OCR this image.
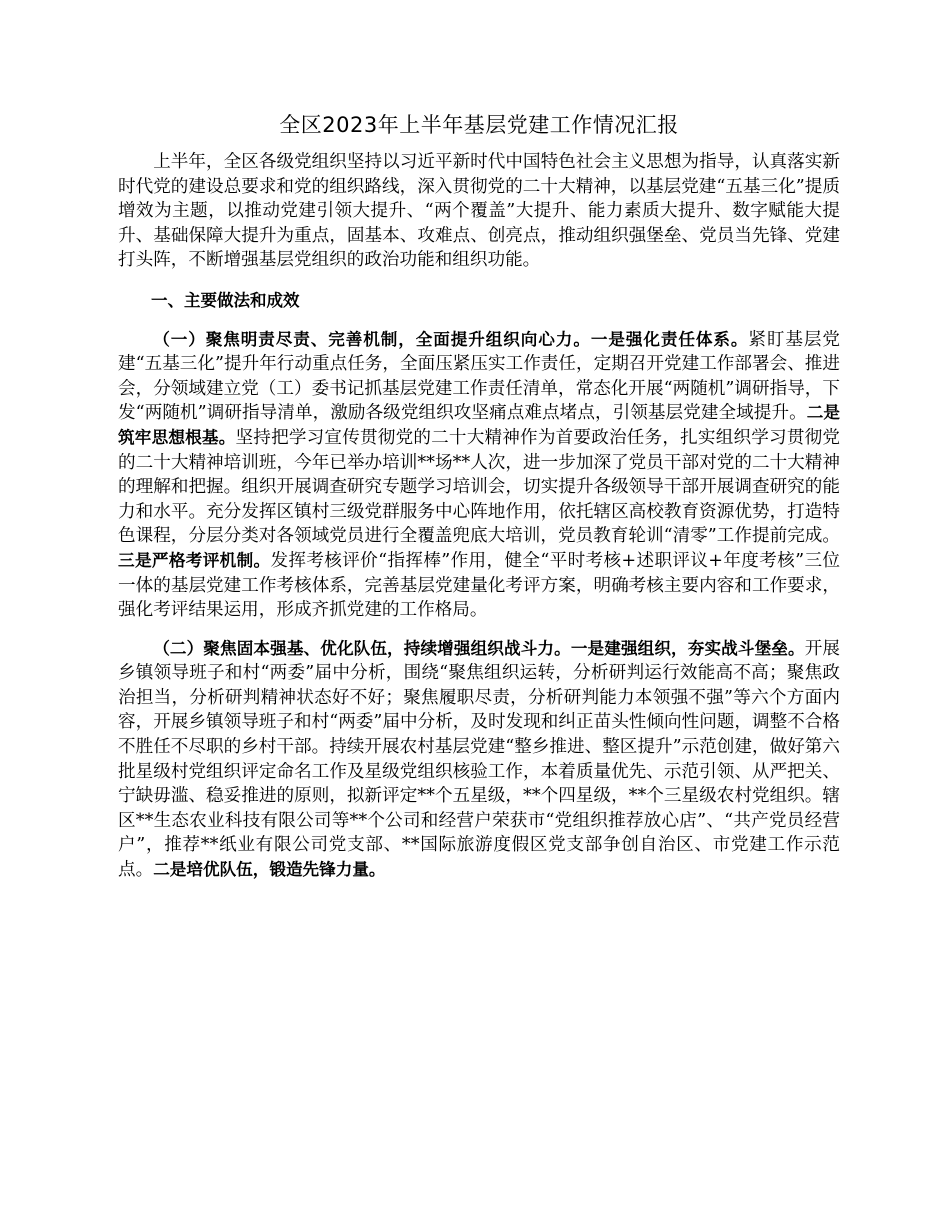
全区2023年上半年基层党建工作情况汇报

上半年，全区各级党组织坚持以习近平新时代中国特色社会主义思想为指导，认真落实新时代党的建设总要求和党的组织路线，深入贯彻党的二十大精神，以基层党建“五基三化”提质增效为主题，以推动党建引领大提升、“两个覆盖”大提升、能力素质大提升、数字赋能大提升、基础保障大提升为重点，固基本、攻难点、创亮点，推动组织强堡垒、党员当先锋、党建打头阵，不断增强基层党组织的政治功能和组织功能。

一、主要做法和成效

（一）聚焦明责尽责、完善机制，全面提升组织向心力。一是强化责任体系。紧盯基层党建“五基三化”提升年行动重点任务，全面压紧压实工作责任，定期召开党建工作部署会、推进会，分领域建立党（工）委书记抓基层党建工作责任清单，常态化开展“两随机”调研指导，下发“两随机”调研指导清单，激励各级党组织攻坚痛点难点堵点，引领基层党建全域提升。二是筑牢思想根基。坚持把学习宣传贯彻党的二十大精神作为首要政治任务，扎实组织学习贯彻党的二十大精神培训班，今年已举办培训**场**人次，进一步加深了党员干部对党的二十大精神的理解和把握。组织开展调查研究专题学习培训会，切实提升各级领导干部开展调查研究的能力和水平。充分发挥区镇村三级党群服务中心阵地作用，依托辖区高校教育资源优势，打造特色课程，分层分类对各领域党员进行全覆盖兜底大培训，党员教育轮训“清零”工作提前完成。三是严格考评机制。发挥考核评价“指挥棒”作用，健全“平时考核+述职评议+年度考核”三位一体的基层党建工作考核体系，完善基层党建量化考评方案，明确考核主要内容和工作要求，强化考评结果运用，形成齐抓党建的工作格局。

（二）聚焦固本强基、优化队伍，持续增强组织战斗力。一是建强组织，夯实战斗堡垒。开展乡镇领导班子和村“两委”届中分析，围绕“聚焦组织运转，分析研判运行效能高不高；聚焦政治担当，分析研判精神状态好不好；聚焦履职尽责，分析研判能力本领强不强”等六个方面内容，开展乡镇领导班子和村“两委”届中分析，及时发现和纠正苗头性倾向性问题，调整不合格不胜任不尽职的乡村干部。持续开展农村基层党建“整乡推进、整区提升”示范创建，做好第六批星级村党组织评定命名工作及星级党组织核验工作，本着质量优先、示范引领、从严把关、宁缺毋滥、稳妥推进的原则，拟新评定**个五星级，**个四星级，**个三星级农村党组织。辖区**生态农业科技有限公司等**个公司和经营户荣获市“党组织推荐放心店”、“共产党员经营户”，推荐**纸业有限公司党支部、**国际旅游度假区党支部争创自治区、市党建工作示范点。二是培优队伍，锻造先锋力量。
